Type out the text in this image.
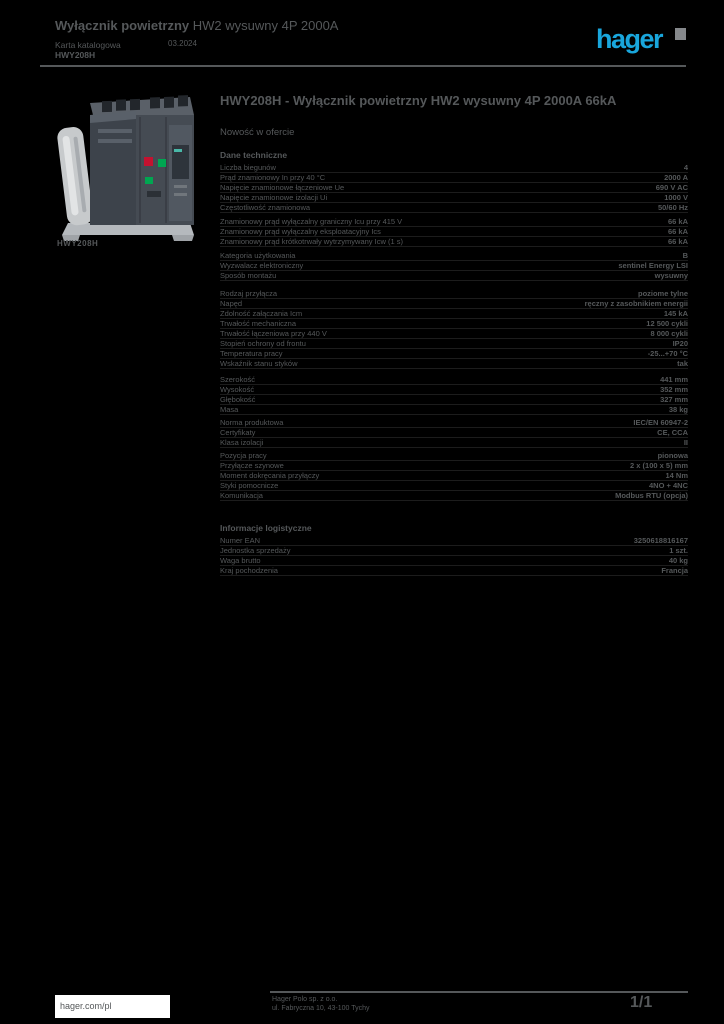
Wyłącznik powietrzny HW2 wysuwny 4P 2000A
Karta katalogowa	03.2024
HWY208H
hager
HWY208H
HWY208H - Wyłącznik powietrzny HW2 wysuwny 4P 2000A 66kA
Nowość w ofercie
Dane techniczne
Liczba biegunów	4
Prąd znamionowy In przy 40 °C	2000 A
Napięcie znamionowe łączeniowe Ue	690 V AC
Napięcie znamionowe izolacji Ui	1000 V
Częstotliwość znamionowa	50/60 Hz
Znamionowy prąd wyłączalny graniczny Icu przy 415 V	66 kA
Znamionowy prąd wyłączalny eksploatacyjny Ics	66 kA
Znamionowy prąd krótkotrwały wytrzymywany Icw (1 s)	66 kA
Kategoria użytkowania	B
Wyzwalacz elektroniczny	sentinel Energy LSI
Sposób montażu	wysuwny
Rodzaj przyłącza	poziome tylne
Napęd	ręczny z zasobnikiem energii
Zdolność załączania Icm	145 kA
Trwałość mechaniczna	12 500 cykli
Trwałość łączeniowa przy 440 V	8 000 cykli
Stopień ochrony od frontu	IP20
Temperatura pracy	-25...+70 °C
Wskaźnik stanu styków	tak
Szerokość	441 mm
Wysokość	352 mm
Głębokość	327 mm
Masa	38 kg
Norma produktowa	IEC/EN 60947-2
Certyfikaty	CE, CCA
Klasa izolacji	II
Pozycja pracy	pionowa
Przyłącze szynowe	2 x (100 x 5) mm
Moment dokręcania przyłączy	14 Nm
Styki pomocnicze	4NO + 4NC
Komunikacja	Modbus RTU (opcja)
Informacje logistyczne
Numer EAN	3250618816167
Jednostka sprzedaży	1 szt.
Waga brutto	40 kg
Kraj pochodzenia	Francja
hager.com/pl
Hager Polo sp. z o.o.
ul. Fabryczna 10, 43-100 Tychy	1/1
